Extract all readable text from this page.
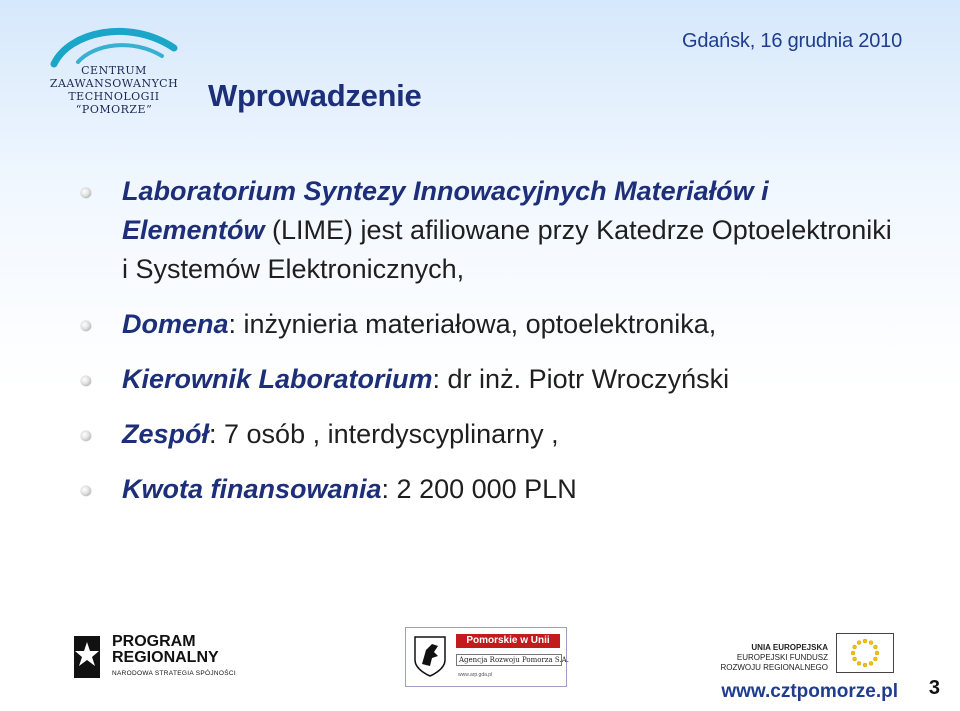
CENTRUM
ZAAWANSOWANYCH
TECHNOLOGII
“POMORZE”
Gdańsk, 16 grudnia 2010
Wprowadzenie
Laboratorium Syntezy Innowacyjnych Materiałów i Elementów (LIME) jest afiliowane przy Katedrze Optoelektroniki i Systemów Elektronicznych,
Domena: inżynieria materiałowa, optoelektronika,
Kierownik Laboratorium: dr inż. Piotr Wroczyński
Zespół: 7 osób , interdyscyplinarny ,
Kwota finansowania: 2 200 000 PLN
PROGRAM
REGIONALNY
NARODOWA STRATEGIA SPÓJNOŚCI
Pomorskie w Unii
Agencja Rozwoju Pomorza S.A.
www.arp.gda.pl
UNIA EUROPEJSKA
EUROPEJSKI FUNDUSZ
ROZWOJU REGIONALNEGO
www.cztpomorze.pl 3
